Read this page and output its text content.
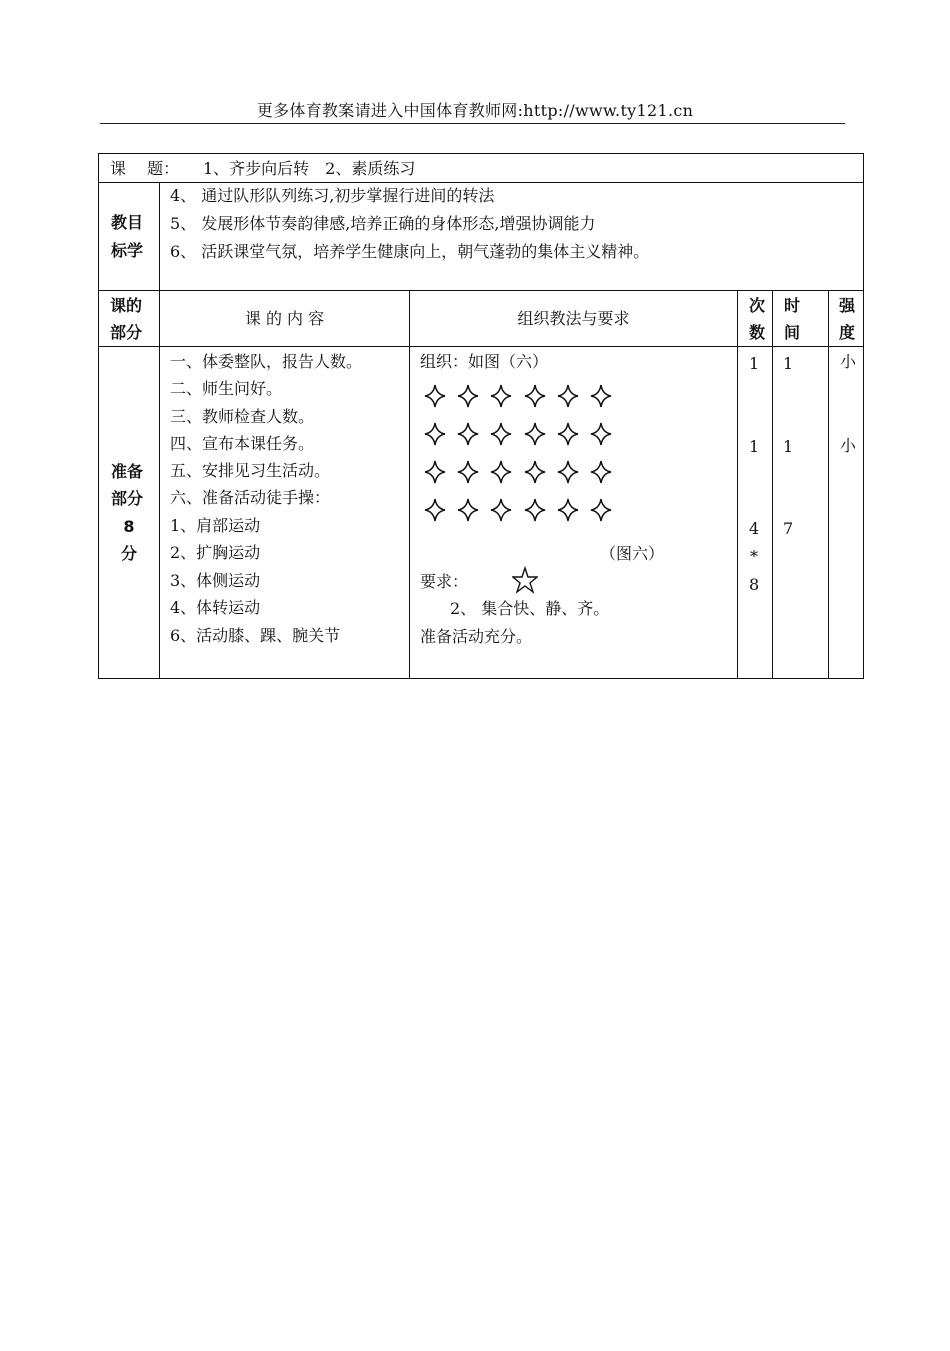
更多体育教案请进入中国体育教师网:http://www.ty121.cn
课　 题： 1、齐步向后转　2、素质练习
教目
标学
4、 通过队形队列练习,初步掌握行进间的转法
5、 发展形体节奏韵律感,培养正确的身体形态,增强协调能力
6、 活跃课堂气氛，培养学生健康向上，朝气蓬勃的集体主义精神。
课的
部分
课 的 内 容	组织教法与要求
次
数
时
间
强
度
准备
部分
8
分
一、体委整队，报告人数。
二、师生问好。
三、教师检查人数。
四、宣布本课任务。
五、安排见习生活动。
六、准备活动徒手操：
1、肩部运动
2、扩胸运动
3、体侧运动
4、体转运动
6、活动膝、踝、腕关节
组织：如图（六）
（图六）
要求：
2、 集合快、静、齐。
准备活动充分。
1
1
4
*
8
1
1
7
小
小
